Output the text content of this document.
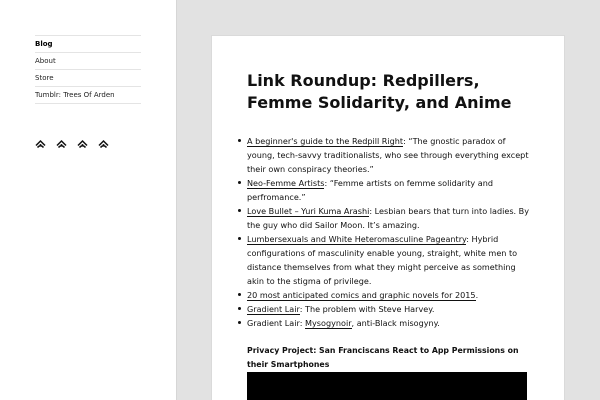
Blog
About
Store
Tumblr: Trees Of Arden
Link Roundup: Redpillers, Femme Solidarity, and Anime
A beginner's guide to the Redpill Right: “The gnostic paradox of young, tech-savvy traditionalists, who see through everything except their own conspiracy theories.”
Neo-Femme Artists: “Femme artists on femme solidarity and perfromance.”
Love Bullet – Yuri Kuma Arashi: Lesbian bears that turn into ladies. By the guy who did Sailor Moon. It’s amazing.
Lumbersexuals and White Heteromasculine Pageantry: Hybrid configurations of masculinity enable young, straight, white men to distance themselves from what they might perceive as something akin to the stigma of privilege.
20 most anticipated comics and graphic novels for 2015.
Gradient Lair: The problem with Steve Harvey.
Gradient Lair: Mysogynoir, anti-Black misogyny.

Privacy Project: San Franciscans React to App Permissions on their Smartphones
